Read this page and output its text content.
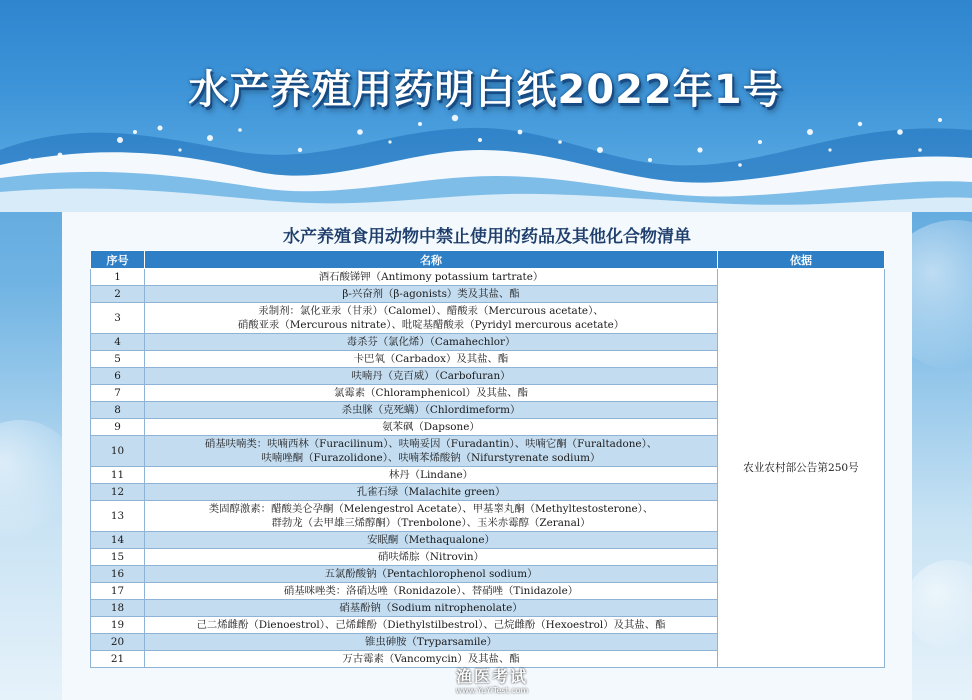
水产养殖用药明白纸2022年1号
水产养殖食用动物中禁止使用的药品及其他化合物清单
序号	名称	依据
1	酒石酸锑钾（Antimony potassium tartrate）	农业农村部公告第250号
2	β-兴奋剂（β-agonists）类及其盐、酯	

3	汞制剂：氯化亚汞（甘汞）（Calomel）、醋酸汞（Mercurous acetate）、
硝酸亚汞（Mercurous nitrate）、吡啶基醋酸汞（Pyridyl mercurous acetate）	

4	毒杀芬（氯化烯）（Camahechlor）	

5	卡巴氧（Carbadox）及其盐、酯	

6	呋喃丹（克百威）（Carbofuran）	

7	氯霉素（Chloramphenicol）及其盐、酯	

8	杀虫脒（克死螨）（Chlordimeform）	

9	氨苯砜（Dapsone）	

10	硝基呋喃类：呋喃西林（Furacilinum）、呋喃妥因（Furadantin）、呋喃它酮（Furaltadone）、
呋喃唑酮（Furazolidone）、呋喃苯烯酸钠（Nifurstyrenate sodium）	

11	林丹（Lindane）	

12	孔雀石绿（Malachite green）	

13	类固醇激素：醋酸美仑孕酮（Melengestrol Acetate）、甲基睾丸酮（Methyltestosterone）、
群勃龙（去甲雄三烯醇酮）（Trenbolone）、玉米赤霉醇（Zeranal）	

14	安眠酮（Methaqualone）	

15	硝呋烯腙（Nitrovin）	

16	五氯酚酸钠（Pentachlorophenol sodium）	

17	硝基咪唑类：洛硝达唑（Ronidazole）、替硝唑（Tinidazole）	

18	硝基酚钠（Sodium nitrophenolate）	

19	己二烯雌酚（Dienoestrol）、己烯雌酚（Diethylstilbestrol）、己烷雌酚（Hexoestrol）及其盐、酯	

20	锥虫砷胺（Tryparsamile）	

21	万古霉素（Vancomycin）及其盐、酯	
渔医考试
www.YuYiTest.com
